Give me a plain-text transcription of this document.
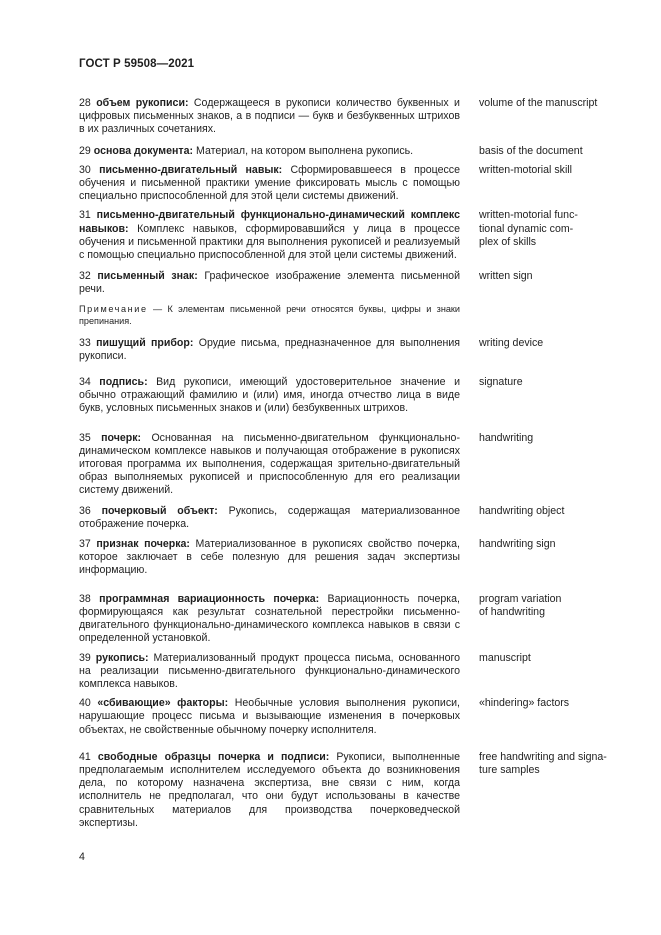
ГОСТ Р 59508—2021
28 объем рукописи: Содержащееся в рукописи количество буквенных и цифровых письменных знаков, а в подписи — букв и безбуквенных штрихов в их различных сочетаниях.
volume of the manuscript
29 основа документа: Материал, на котором выполнена рукопись.	basis of the document
30 письменно-двигательный навык: Сформировавшееся в процессе обучения и письменной практики умение фиксировать мысль с помощью специально приспособленной для этой цели системы движений.
written-motorial skill
31 письменно-двигательный функционально-динамический комплекс навыков: Комплекс навыков, сформировавшийся у лица в процессе обучения и письменной практики для выполнения рукописей и реализуемый с помощью специально приспособленной для этой цели системы движений.
written-motorial func-
tional dynamic com-
plex of skills
32 письменный знак: Графическое изображение элемента письменной речи.
written sign
Примечание — К элементам письменной речи относятся буквы, цифры и знаки препинания.
33 пишущий прибор: Орудие письма, предназначенное для выполнения рукописи.
writing device
34 подпись: Вид рукописи, имеющий удостоверительное значение и обычно отражающий фамилию и (или) имя, иногда отчество лица в виде букв, условных письменных знаков и (или) безбуквенных штрихов.
signature
35 почерк: Основанная на письменно-двигательном функционально-динамическом комплексе навыков и получающая отображение в рукописях итоговая программа их выполнения, содержащая зрительно-двигательный образ выполняемых рукописей и приспособленную для его реализации систему движений.
handwriting
36 почерковый объект: Рукопись, содержащая материализованное отображение почерка.
handwriting object
37 признак почерка: Материализованное в рукописях свойство почерка, которое заключает в себе полезную для решения задач экспертизы информацию.
handwriting sign
38 программная вариационность почерка: Вариационность почерка, формирующаяся как результат сознательной перестройки письменно-двигательного функционально-динамического комплекса навыков в связи с определенной установкой.
program variation
of handwriting
39 рукопись: Материализованный продукт процесса письма, основанного на реализации письменно-двигательного функционально-динамического комплекса навыков.
manuscript
40 «сбивающие» факторы: Необычные условия выполнения рукописи, нарушающие процесс письма и вызывающие изменения в почерковых объектах, не свойственные обычному почерку исполнителя.
«hindering» factors
41 свободные образцы почерка и подписи: Рукописи, выполненные предполагаемым исполнителем исследуемого объекта до возникновения дела, по которому назначена экспертиза, вне связи с ним, когда исполнитель не предполагал, что они будут использованы в качестве сравнительных материалов для производства почерковедческой экспертизы.
free handwriting and signa-
ture samples
4
